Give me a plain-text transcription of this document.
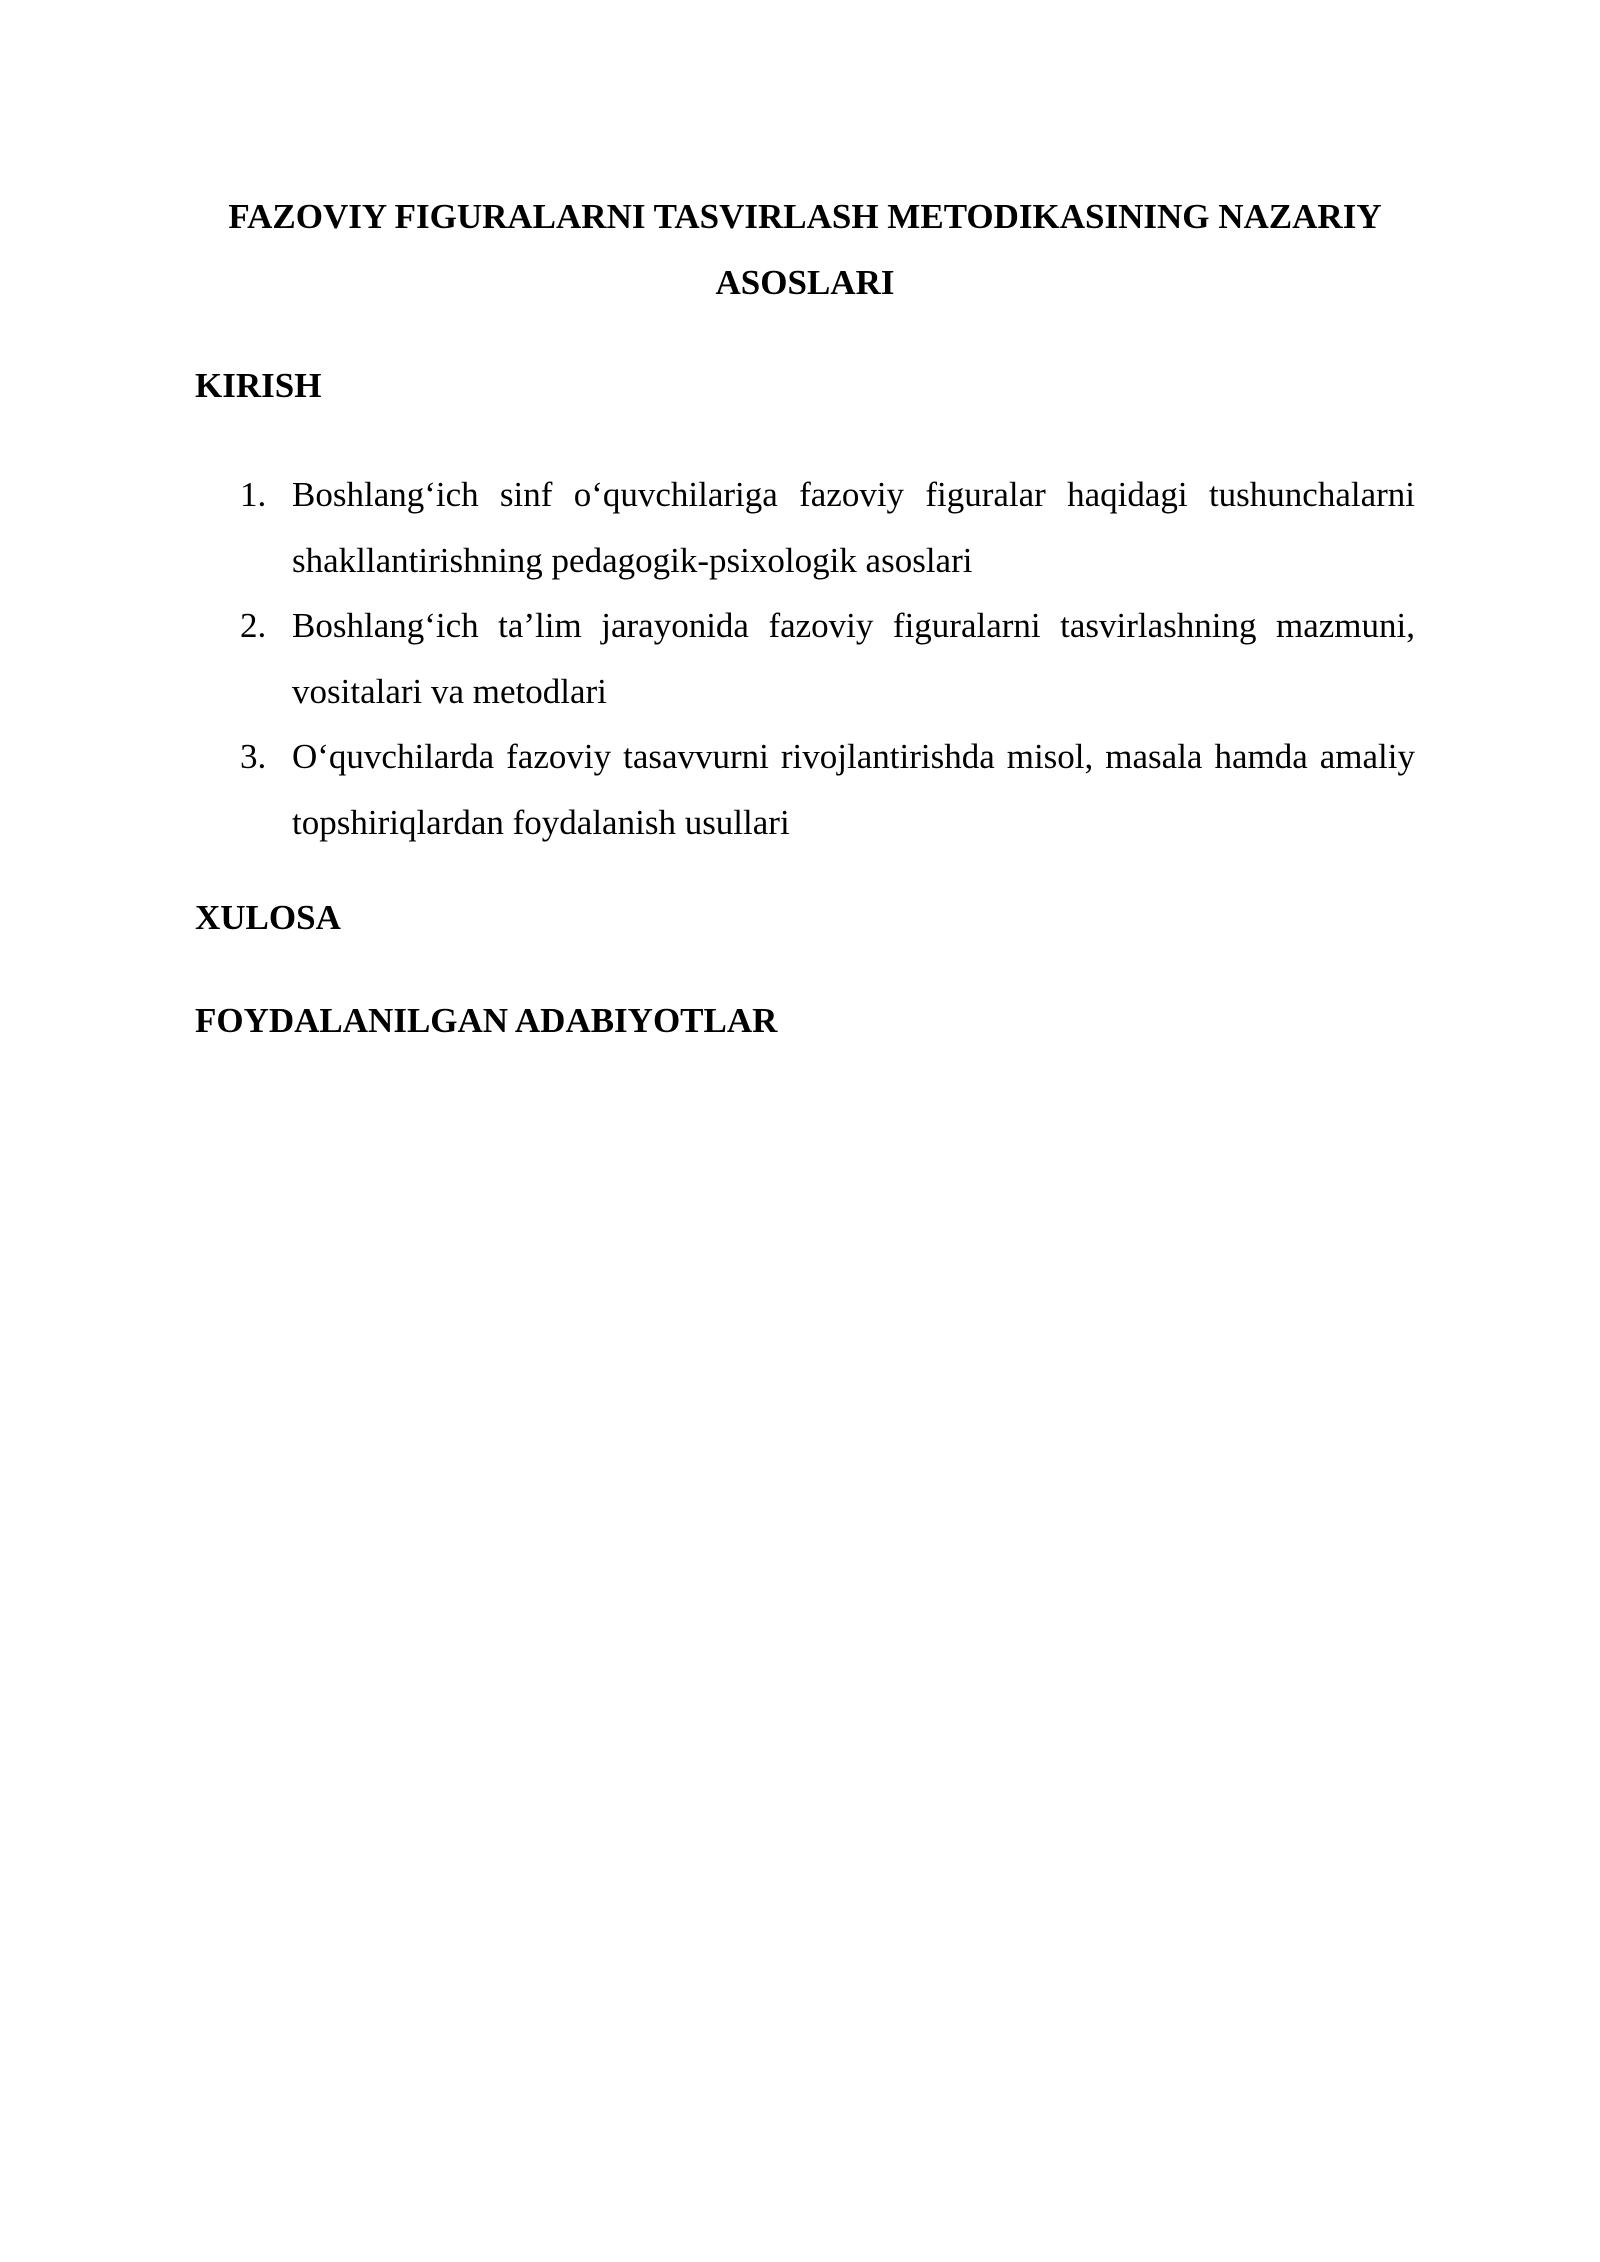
FAZOVIY FIGURALARNI TASVIRLASH METODIKASINING NAZARIY ASOSLARI
KIRISH
1. Boshlang‘ich sinf o‘quvchilariga fazoviy figuralar haqidagi tushunchalarni shakllantirishning pedagogik-psixologik asoslari
2. Boshlang‘ich ta’lim jarayonida fazoviy figuralarni tasvirlashning mazmuni, vositalari va metodlari
3. O‘quvchilarda fazoviy tasavvurni rivojlantirishda misol, masala hamda amaliy topshiriqlardan foydalanish usullari
XULOSA
FOYDALANILGAN ADABIYOTLAR
